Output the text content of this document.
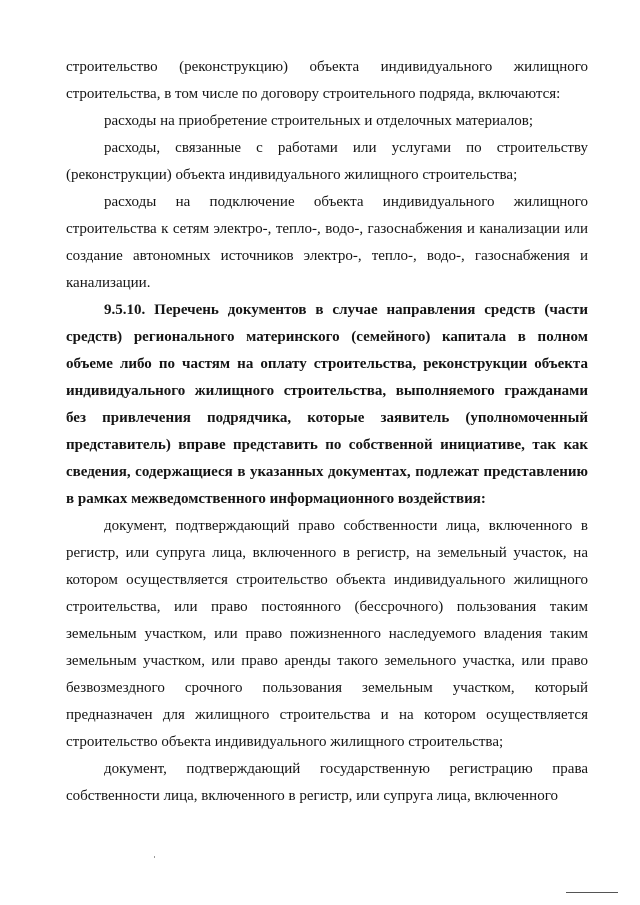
строительство (реконструкцию) объекта индивидуального жилищного строительства, в том числе по договору строительного подряда, включаются:

расходы на приобретение строительных и отделочных материалов;

расходы, связанные с работами или услугами по строительству (реконструкции) объекта индивидуального жилищного строительства;

расходы на подключение объекта индивидуального жилищного строительства к сетям электро-, тепло-, водо-, газоснабжения и канализации или создание автономных источников электро-, тепло-, водо-, газоснабжения и канализации.

9.5.10. Перечень документов в случае направления средств (части средств) регионального материнского (семейного) капитала в полном объеме либо по частям на оплату строительства, реконструкции объекта индивидуального жилищного строительства, выполняемого гражданами без привлечения подрядчика, которые заявитель (уполномоченный представитель) вправе представить по собственной инициативе, так как сведения, содержащиеся в указанных документах, подлежат представлению в рамках межведомственного информационного воздействия:

документ, подтверждающий право собственности лица, включенного в регистр, или супруга лица, включенного в регистр, на земельный участок, на котором осуществляется строительство объекта индивидуального жилищного строительства, или право постоянного (бессрочного) пользования таким земельным участком, или право пожизненного наследуемого владения таким земельным участком, или право аренды такого земельного участка, или право безвозмездного срочного пользования земельным участком, который предназначен для жилищного строительства и на котором осуществляется строительство объекта индивидуального жилищного строительства;

документ, подтверждающий государственную регистрацию права собственности лица, включенного в регистр, или супруга лица, включенного
